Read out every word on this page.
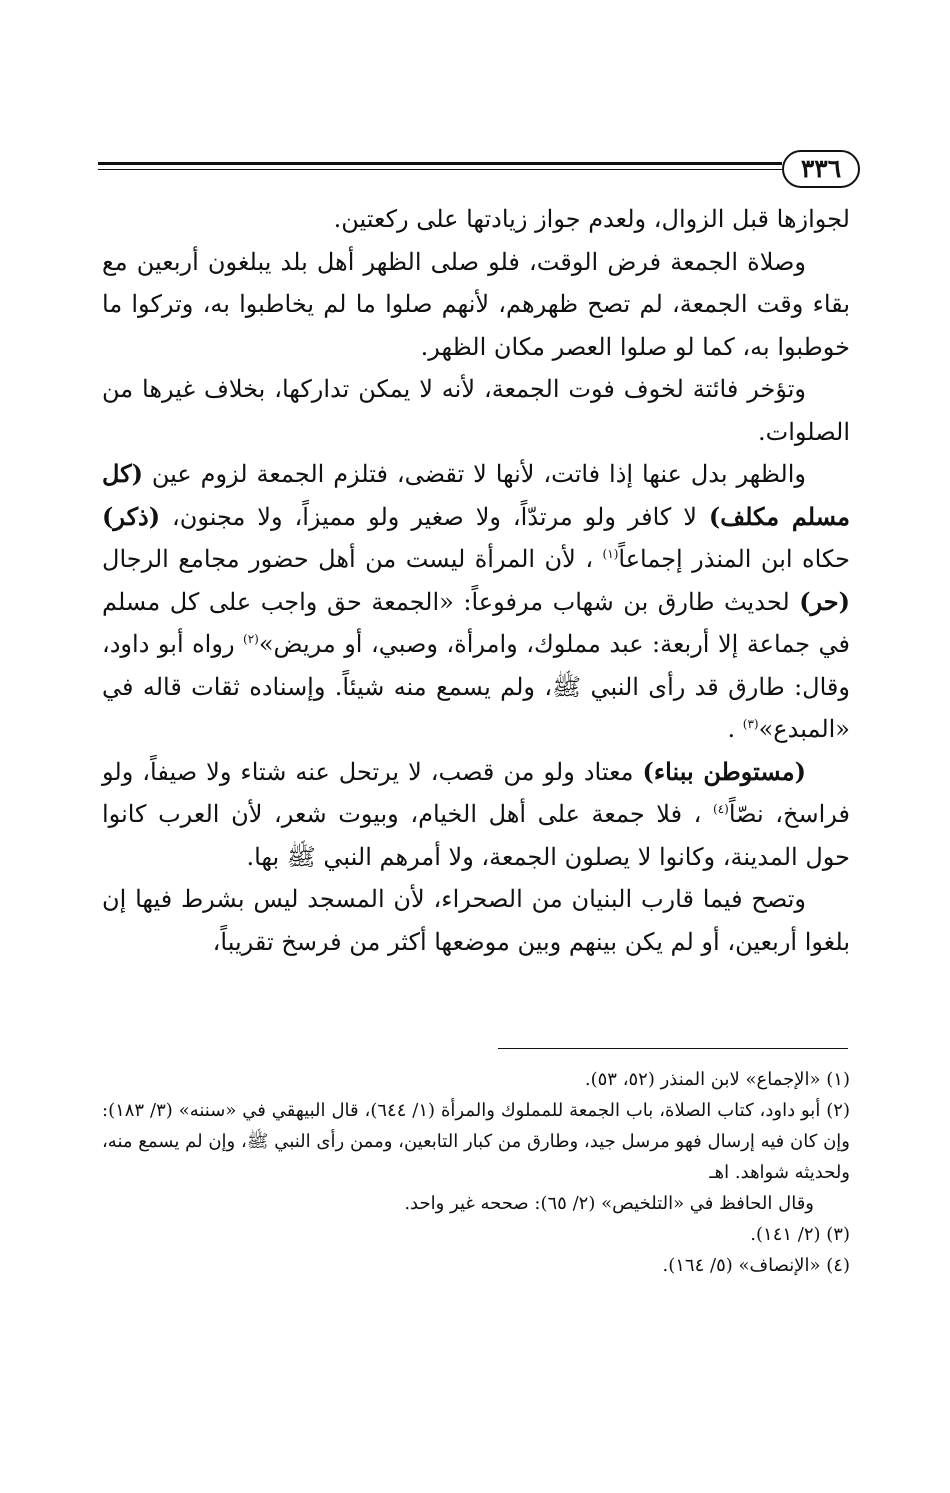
٣٣٦

لجوازها قبل الزوال، ولعدم جواز زيادتها على ركعتين.

وصلاة الجمعة فرض الوقت، فلو صلى الظهر أهل بلد يبلغون أربعين مع بقاء وقت الجمعة، لم تصح ظهرهم، لأنهم صلوا ما لم يخاطبوا به، وتركوا ما خوطبوا به، كما لو صلوا العصر مكان الظهر.

وتؤخر فائتة لخوف فوت الجمعة، لأنه لا يمكن تداركها، بخلاف غيرها من الصلوات.

والظهر بدل عنها إذا فاتت، لأنها لا تقضى، فتلزم الجمعة لزوم عين (كل مسلم مكلف) لا كافر ولو مرتدّاً، ولا صغير ولو مميزاً، ولا مجنون، (ذكر) حكاه ابن المنذر إجماعاً$^{(١)}$ ، لأن المرأة ليست من أهل حضور مجامع الرجال (حر) لحديث طارق بن شهاب مرفوعاً: «الجمعة حق واجب على كل مسلم في جماعة إلا أربعة: عبد مملوك، وامرأة، وصبي، أو مريض»$^{(٢)}$ رواه أبو داود، وقال: طارق قد رأى النبي ﷺ، ولم يسمع منه شيئاً. وإسناده ثقات قاله في «المبدع»$^{(٣)}$ .

(مستوطن ببناء) معتاد ولو من قصب، لا يرتحل عنه شتاء ولا صيفاً، ولو فراسخ، نصّاً$^{(٤)}$ ، فلا جمعة على أهل الخيام، وبيوت شعر، لأن العرب كانوا حول المدينة، وكانوا لا يصلون الجمعة، ولا أمرهم النبي ﷺ بها.

وتصح فيما قارب البنيان من الصحراء، لأن المسجد ليس بشرط فيها إن بلغوا أربعين، أو لم يكن بينهم وبين موضعها أكثر من فرسخ تقريباً،

(١) «الإجماع» لابن المنذر (٥٢، ٥٣).

(٢) أبو داود، كتاب الصلاة، باب الجمعة للمملوك والمرأة (١/ ٦٤٤)، قال البيهقي في «سننه» (٣/ ١٨٣): وإن كان فيه إرسال فهو مرسل جيد، وطارق من كبار التابعين، وممن رأى النبي ﷺ، وإن لم يسمع منه، ولحديثه شواهد. اهـ

وقال الحافظ في «التلخيص» (٢/ ٦٥): صححه غير واحد.

(٣) (٢/ ١٤١).

(٤) «الإنصاف» (٥/ ١٦٤).
